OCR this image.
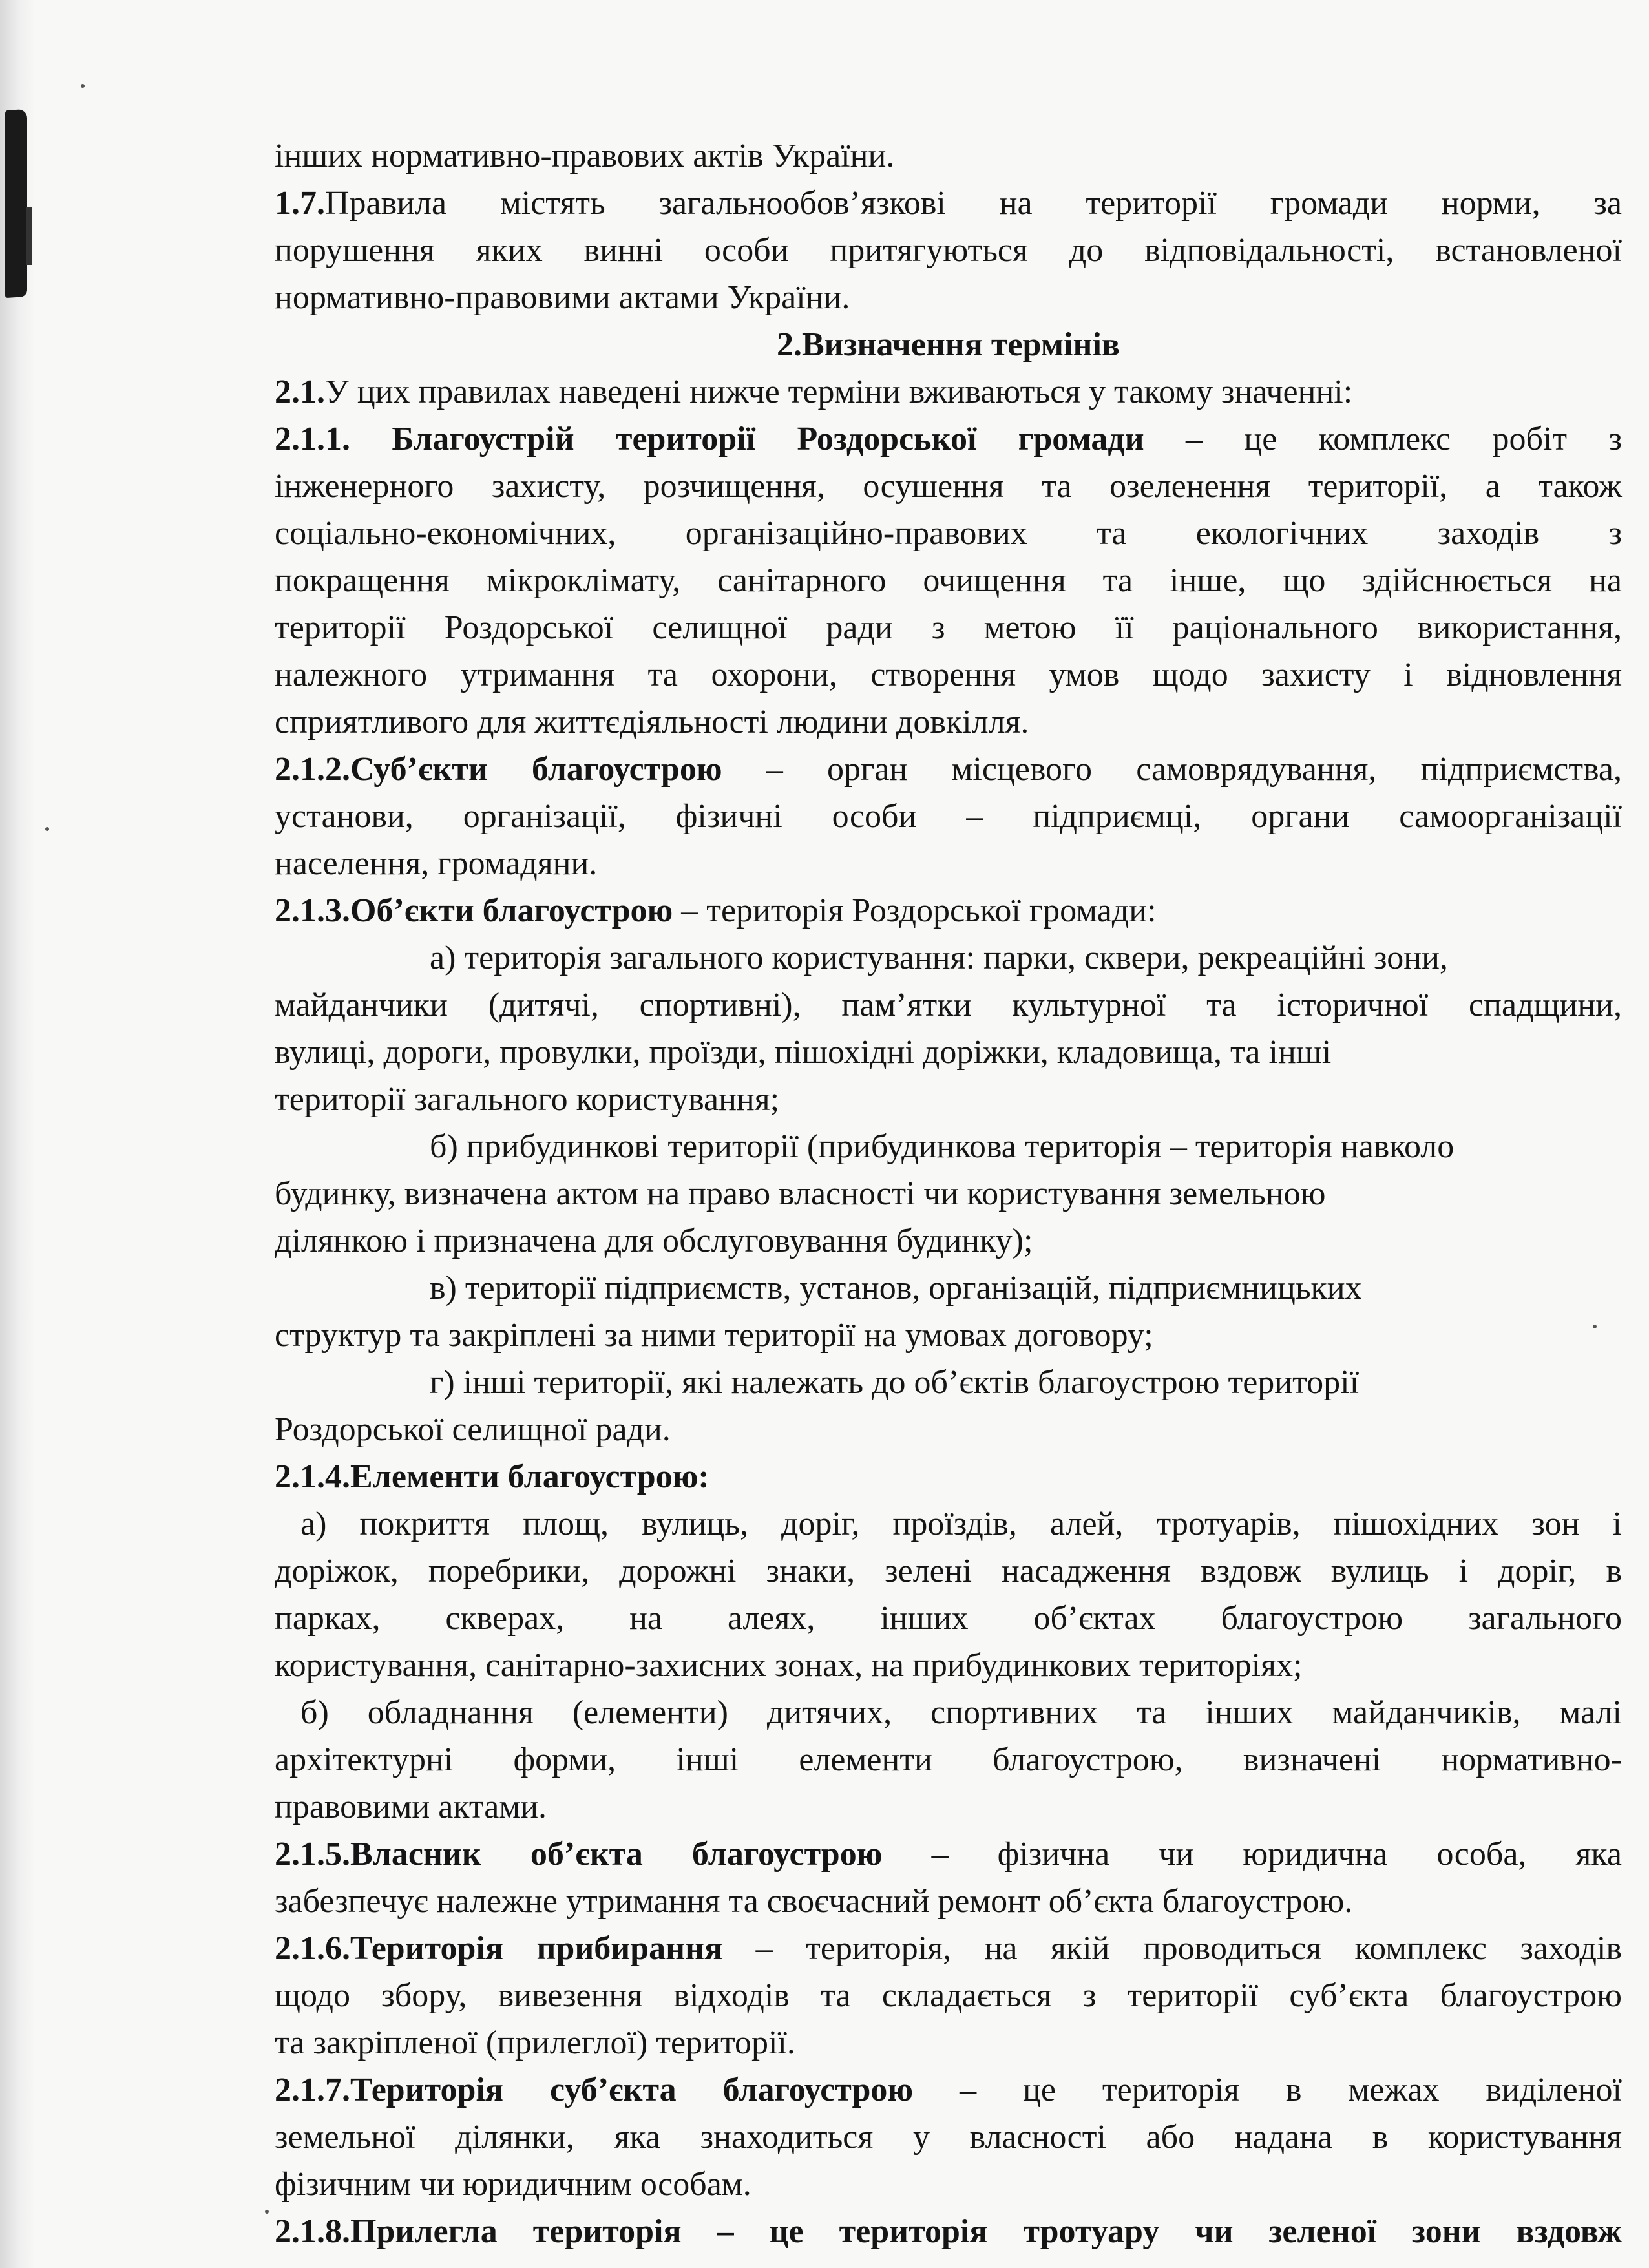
інших нормативно-правових актів України.
1.7.Правила містять загальнообов’язкові на території громади норми, за
порушення яких винні особи притягуються до відповідальності, встановленої
нормативно-правовими актами України.
2.Визначення термінів
2.1.У цих правилах наведені нижче терміни вживаються у такому значенні:
2.1.1. Благоустрій території Роздорської громади – це комплекс робіт з
інженерного захисту, розчищення, осушення та озеленення території, а також
соціально-економічних, організаційно-правових та екологічних заходів з
покращення мікроклімату, санітарного очищення та інше, що здійснюється на
території Роздорської селищної ради з метою її раціонального використання,
належного утримання та охорони, створення умов щодо захисту і відновлення
сприятливого для життєдіяльності людини довкілля.
2.1.2.Суб’єкти благоустрою – орган місцевого самоврядування, підприємства,
установи, організації, фізичні особи – підприємці, органи самоорганізації
населення, громадяни.
2.1.3.Об’єкти благоустрою – територія Роздорської громади:
а) територія загального користування: парки, сквери, рекреаційні зони,
майданчики (дитячі, спортивні), пам’ятки культурної та історичної спадщини,
вулиці, дороги, провулки, проїзди, пішохідні доріжки, кладовища, та інші
території загального користування;
б) прибудинкові території (прибудинкова територія – територія навколо
будинку, визначена актом на право власності чи користування земельною
ділянкою і призначена для обслуговування будинку);
в) території підприємств, установ, організацій, підприємницьких
структур та закріплені за ними території на умовах договору;
г) інші території, які належать до об’єктів благоустрою території
Роздорської селищної ради.
2.1.4.Елементи благоустрою:
а) покриття площ, вулиць, доріг, проїздів, алей, тротуарів, пішохідних зон і
доріжок, поребрики, дорожні знаки, зелені насадження вздовж вулиць і доріг, в
парках, скверах, на алеях, інших об’єктах благоустрою загального
користування, санітарно-захисних зонах, на прибудинкових територіях;
б) обладнання (елементи) дитячих, спортивних та інших майданчиків, малі
архітектурні форми, інші елементи благоустрою, визначені нормативно-
правовими актами.
2.1.5.Власник об’єкта благоустрою – фізична чи юридична особа, яка
забезпечує належне утримання та своєчасний ремонт об’єкта благоустрою.
2.1.6.Територія прибирання – територія, на якій проводиться комплекс заходів
щодо збору, вивезення відходів та складається з території суб’єкта благоустрою
та закріпленої (прилеглої) території.
2.1.7.Територія суб’єкта благоустрою – це територія в межах виділеної
земельної ділянки, яка знаходиться у власності або надана в користування
фізичним чи юридичним особам.
2.1.8.Прилегла територія – це територія тротуару чи зеленої зони вздовж
